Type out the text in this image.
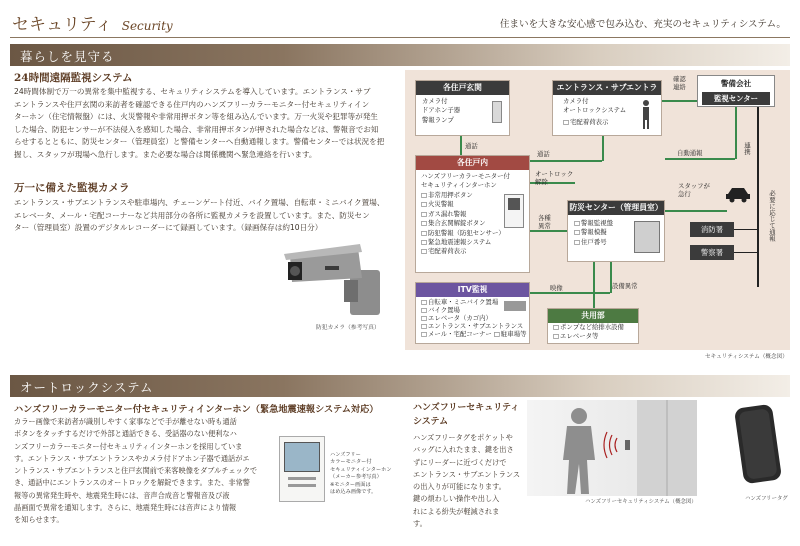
セキュリティ Security	住まいを大きな安心感で包み込む、充実のセキュリティシステム。
暮らしを見守る
24時間遠隔監視システム
24時間体制で万一の異常を集中監視する、セキュリティシステムを導入しています。エントランス・サブ
エントランスや住戸玄関の来訪者を確認できる住戸内のハンズフリーカラーモニター付セキュリティイン
ターホン（住宅情報盤）には、火災警報や非常用押ボタン等を組み込んでいます。万一火災や犯罪等が発生
した場合、防犯センサーが不法侵入を感知した場合、非常用押ボタンが押された場合などは、警報音でお知
らせするとともに、防災センター（管理員室）と警備センターへ自動通報します。警備センターでは状況を把
握し、スタッフが現場へ急行します。また必要な場合は関係機関へ緊急連絡を行います。
万一に備えた監視カメラ
エントランス・サブエントランスや駐車場内、チェーンゲート付近、バイク置場、自転車・ミニバイク置場、
エレベータ、メール・宅配コーナーなど共用部分の各所に監視カメラを設置しています。また、防災セン
ター（管理員室）設置のデジタルレコーダーにて録画しています。（録画保存は約10日分）
防犯カメラ（参考写真）
各住戸玄関
カメラ付
ドアホン子器
警報ランプ
エントランス・サブエントランス
カメラ付
オートロックシステム
□ 宅配着荷表示
警備会社
監視センター
各住戸内
ハンズフリーカラーモニター付
セキュリティインターホン
□ 非常用押ボタン
□ 火災警報
□ ガス漏れ警報
□ 集合玄関解錠ボタン
□ 防犯警報（防犯センサー）
□ 緊急地震速報システム
□ 宅配着荷表示
防災センター（管理員室）
□ 警報監視盤
□ 警報模擬
□ 住戸番号
ITV監視
□ 自転車・ミニバイク置場
□ バイク置場
□ エレベータ（カゴ内）
□ エントランス・サブエントランス
□ メール・宅配コーナー □ 駐車場等
共用部
□ ポンプなど給排水設備
□ エレベータ等
消防署
警察署
確認
連絡
通話
通話
オートロック
解除
自動通報	連携
スタッフが
急行
各種
異常
映像	設備異常
必要に応じて通報
セキュリティシステム（概念図）
オートロックシステム
ハンズフリーカラーモニター付セキュリティインターホン（緊急地震速報システム対応）
カラー画像で来訪者が識別しやすく家事などで手が離せない時も通話
ボタンをタッチするだけで外部と通話できる、受話器のない便利なハ
ンズフリーカラーモニター付セキュリティインターホンを採用していま
す。エントランス・サブエントランスやカメラ付ドアホン子器で通話がエ
ントランス・サブエントランスと住戸玄関前で来客映像をダブルチェックで
き、通話中にエントランスのオートロックを解錠できます。また、非常警
報等の異常発生時や、地震発生時には、音声合成音と警報音及び液
晶画面で異常を通知します。さらに、地震発生時には音声により情報
を知らせます。
ハンズフリー
カラーモニター付
セキュリティインターホン
（メーカー参考写真）
※モニター画面は
はめ込み画像です。
ハンズフリーセキュリティ
システム
ハンズフリータグをポケットや
バッグに入れたまま、鍵を出さ
ずにリーダーに近づくだけで
エントランス・サブエントランス
の出入りが可能になります。
鍵の煩わしい操作や出し入
れによる紛失が軽減されま
す。
ハンズフリーセキュリティシステム（概念図）	ハンズフリータグ
